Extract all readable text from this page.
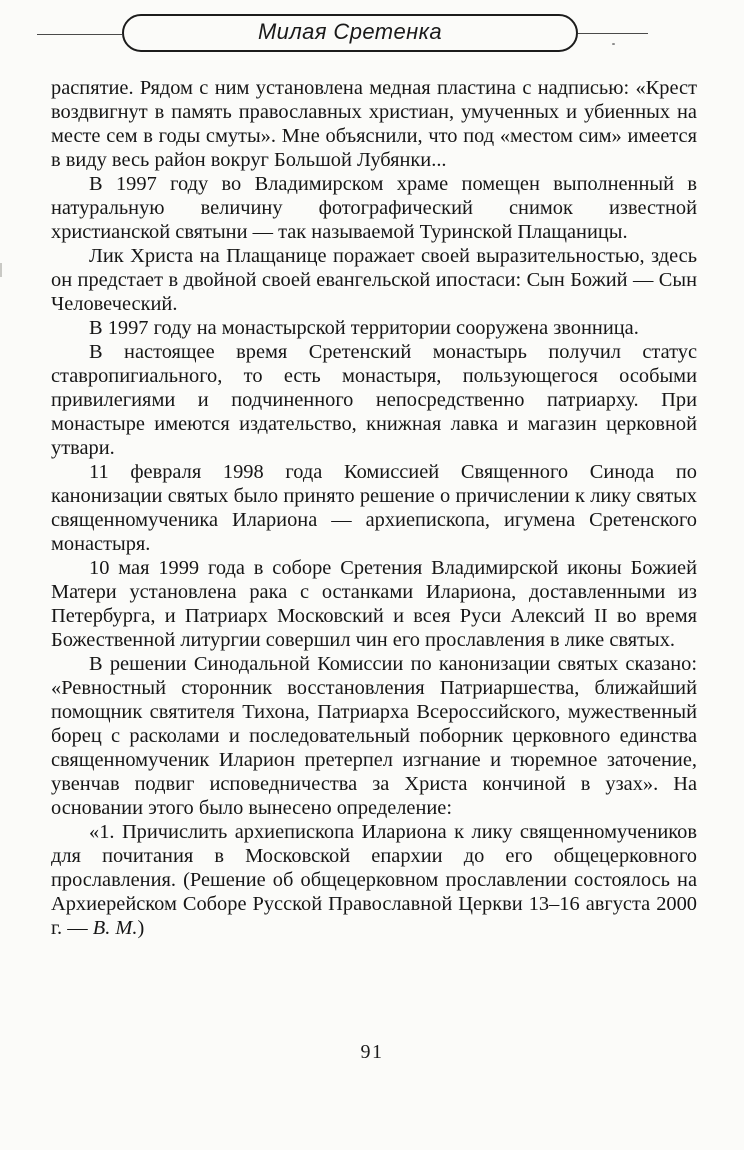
Милая Сретенка

распятие. Рядом с ним установлена медная пластина с надписью: «Крест воздвигнут в память православных христиан, умученных и убиенных на месте сем в годы смуты». Мне объяснили, что под «местом сим» имеется в виду весь район вокруг Большой Лубянки...

В 1997 году во Владимирском храме помещен выполненный в натуральную величину фотографический снимок известной христианской святыни — так называемой Туринской Плащаницы.

Лик Христа на Плащанице поражает своей выразительностью, здесь он предстает в двойной своей евангельской ипостаси: Сын Божий — Сын Человеческий.

В 1997 году на монастырской территории сооружена звонница.

В настоящее время Сретенский монастырь получил статус ставропигиального, то есть монастыря, пользующегося особыми привилегиями и подчиненного непосредственно патриарху. При монастыре имеются издательство, книжная лавка и магазин церковной утвари.

11 февраля 1998 года Комиссией Священного Синода по канонизации святых было принято решение о причислении к лику святых священномученика Илариона — архиепископа, игумена Сретенского монастыря.

10 мая 1999 года в соборе Сретения Владимирской иконы Божией Матери установлена рака с останками Илариона, доставленными из Петербурга, и Патриарх Московский и всея Руси Алексий II во время Божественной литургии совершил чин его прославления в лике святых.

В решении Синодальной Комиссии по канонизации святых сказано: «Ревностный сторонник восстановления Патриаршества, ближайший помощник святителя Тихона, Патриарха Всероссийского, мужественный борец с расколами и последовательный поборник церковного единства священномученик Иларион претерпел изгнание и тюремное заточение, увенчав подвиг исповедничества за Христа кончиной в узах». На основании этого было вынесено определение:

«1. Причислить архиепископа Илариона к лику священномучеников для почитания в Московской епархии до его общецерковного прославления. (Решение об общецерковном прославлении состоялось на Архиерейском Соборе Русской Православной Церкви 13–16 августа 2000 г. — В. М.)

91
